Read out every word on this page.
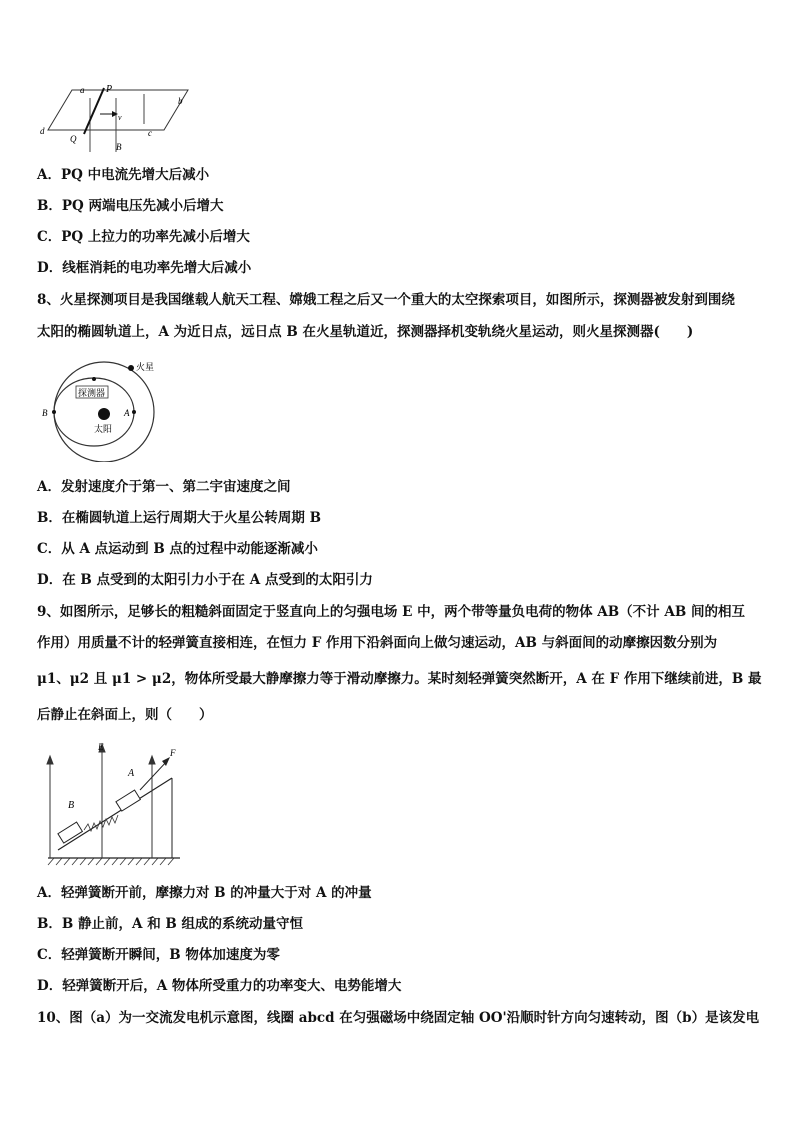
a P
b
d
Q
c
v
B
A．PQ 中电流先增大后减小
B．PQ 两端电压先减小后增大
C．PQ 上拉力的功率先减小后增大
D．线框消耗的电功率先增大后减小
8、火星探测项目是我国继载人航天工程、嫦娥工程之后又一个重大的太空探索项目，如图所示，探测器被发射到围绕
太阳的椭圆轨道上，A 为近日点，远日点 B 在火星轨道近，探测器择机变轨绕火星运动，则火星探测器(　　)
火星
探测器
太阳
B	A
A．发射速度介于第一、第二宇宙速度之间
B．在椭圆轨道上运行周期大于火星公转周期 B
C．从 A 点运动到 B 点的过程中动能逐渐减小
D．在 B 点受到的太阳引力小于在 A 点受到的太阳引力
9、如图所示，足够长的粗糙斜面固定于竖直向上的匀强电场 E 中，两个带等量负电荷的物体 AB（不计 AB 间的相互
作用）用质量不计的轻弹簧直接相连，在恒力 F 作用下沿斜面向上做匀速运动，AB 与斜面间的动摩擦因数分别为
μ1、μ2 且 μ1 > μ2，物体所受最大静摩擦力等于滑动摩擦力。某时刻轻弹簧突然断开，A 在 F 作用下继续前进，B 最
后静止在斜面上，则（　　）
E
F
A
B
A．轻弹簧断开前，摩擦力对 B 的冲量大于对 A 的冲量
B．B 静止前，A 和 B 组成的系统动量守恒
C．轻弹簧断开瞬间，B 物体加速度为零
D．轻弹簧断开后，A 物体所受重力的功率变大、电势能增大
10、图（a）为一交流发电机示意图，线圈 abcd 在匀强磁场中绕固定轴 OO'沿顺时针方向匀速转动，图（b）是该发电
